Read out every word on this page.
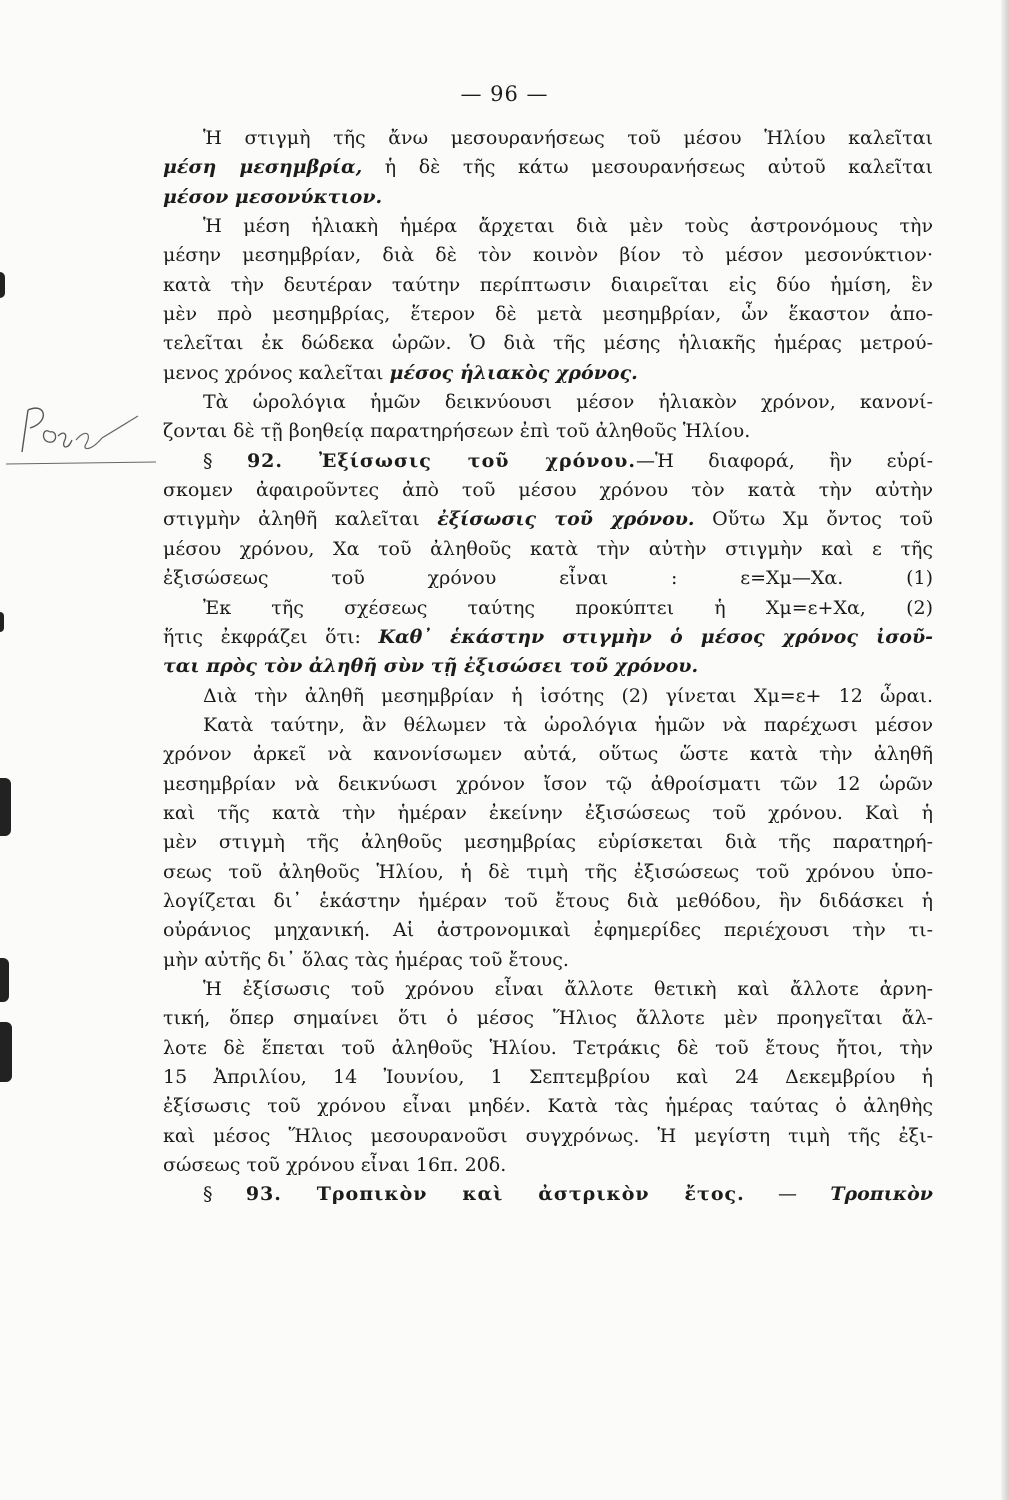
— 96 —
Ἡ στιγμὴ τῆς ἄνω μεσουρανήσεως τοῦ μέσου Ἡλίου καλεῖται
μέση μεσημβρία, ἡ δὲ τῆς κάτω μεσουρανήσεως αὐτοῦ καλεῖται
μέσον μεσονύκτιον.
Ἡ μέση ἡλιακὴ ἡμέρα ἄρχεται διὰ μὲν τοὺς ἀστρονόμους τὴν
μέσην μεσημβρίαν, διὰ δὲ τὸν κοινὸν βίον τὸ μέσον μεσονύκτιον·
κατὰ τὴν δευτέραν ταύτην περίπτωσιν διαιρεῖται εἰς δύο ἡμίση, ἓν
μὲν πρὸ μεσημβρίας, ἕτερον δὲ μετὰ μεσημβρίαν, ὧν ἕκαστον ἀπο-
τελεῖται ἐκ δώδεκα ὡρῶν. Ὁ διὰ τῆς μέσης ἡλιακῆς ἡμέρας μετρού-
μενος χρόνος καλεῖται μέσος ἡλιακὸς χρόνος.
Τὰ ὡρολόγια ἡμῶν δεικνύουσι μέσον ἡλιακὸν χρόνον, κανονί-
ζονται δὲ τῇ βοηθείᾳ παρατηρήσεων ἐπὶ τοῦ ἀληθοῦς Ἡλίου.
§ 92. Ἐξίσωσις τοῦ χρόνου.—Ἡ διαφορά, ἣν εὑρί-
σκομεν ἀφαιροῦντες ἀπὸ τοῦ μέσου χρόνου τὸν κατὰ τὴν αὐτὴν
στιγμὴν ἀληθῆ καλεῖται ἐξίσωσις τοῦ χρόνου. Οὕτω Χμ ὄντος τοῦ
μέσου χρόνου, Χα τοῦ ἀληθοῦς κατὰ τὴν αὐτὴν στιγμὴν καὶ ε τῆς
ἐξισώσεως τοῦ χρόνου εἶναι : ε=Χμ—Χα. (1)
Ἐκ τῆς σχέσεως ταύτης προκύπτει ἡ Χμ=ε+Χα, (2)
ἥτις ἐκφράζει ὅτι: Καθ᾽ ἑκάστην στιγμὴν ὁ μέσος χρόνος ἰσοῦ-
ται πρὸς τὸν ἀληθῆ σὺν τῇ ἐξισώσει τοῦ χρόνου.
Διὰ τὴν ἀληθῆ μεσημβρίαν ἡ ἰσότης (2) γίνεται Χμ=ε+ 12 ὧραι.
Κατὰ ταύτην, ἂν θέλωμεν τὰ ὡρολόγια ἡμῶν νὰ παρέχωσι μέσον
χρόνον ἀρκεῖ νὰ κανονίσωμεν αὐτά, οὕτως ὥστε κατὰ τὴν ἀληθῆ
μεσημβρίαν νὰ δεικνύωσι χρόνον ἴσον τῷ ἀθροίσματι τῶν 12 ὡρῶν
καὶ τῆς κατὰ τὴν ἡμέραν ἐκείνην ἐξισώσεως τοῦ χρόνου. Καὶ ἡ
μὲν στιγμὴ τῆς ἀληθοῦς μεσημβρίας εὑρίσκεται διὰ τῆς παρατηρή-
σεως τοῦ ἀληθοῦς Ἡλίου, ἡ δὲ τιμὴ τῆς ἐξισώσεως τοῦ χρόνου ὑπο-
λογίζεται δι᾽ ἑκάστην ἡμέραν τοῦ ἔτους διὰ μεθόδου, ἣν διδάσκει ἡ
οὐράνιος μηχανική. Αἱ ἀστρονομικαὶ ἐφημερίδες περιέχουσι τὴν τι-
μὴν αὐτῆς δι᾽ ὅλας τὰς ἡμέρας τοῦ ἔτους.
Ἡ ἐξίσωσις τοῦ χρόνου εἶναι ἄλλοτε θετικὴ καὶ ἄλλοτε ἀρνη-
τική, ὅπερ σημαίνει ὅτι ὁ μέσος Ἥλιος ἄλλοτε μὲν προηγεῖται ἄλ-
λοτε δὲ ἕπεται τοῦ ἀληθοῦς Ἡλίου. Τετράκις δὲ τοῦ ἔτους ἤτοι, τὴν
15 Ἀπριλίου, 14 Ἰουνίου, 1 Σεπτεμβρίου καὶ 24 Δεκεμβρίου ἡ
ἐξίσωσις τοῦ χρόνου εἶναι μηδέν. Κατὰ τὰς ἡμέρας ταύτας ὁ ἀληθὴς
καὶ μέσος Ἥλιος μεσουρανοῦσι συγχρόνως. Ἡ μεγίστη τιμὴ τῆς ἐξι-
σώσεως τοῦ χρόνου εἶναι 16π. 20δ.
§ 93. Τροπικὸν καὶ ἀστρικὸν ἔτος. — Τροπικὸν
